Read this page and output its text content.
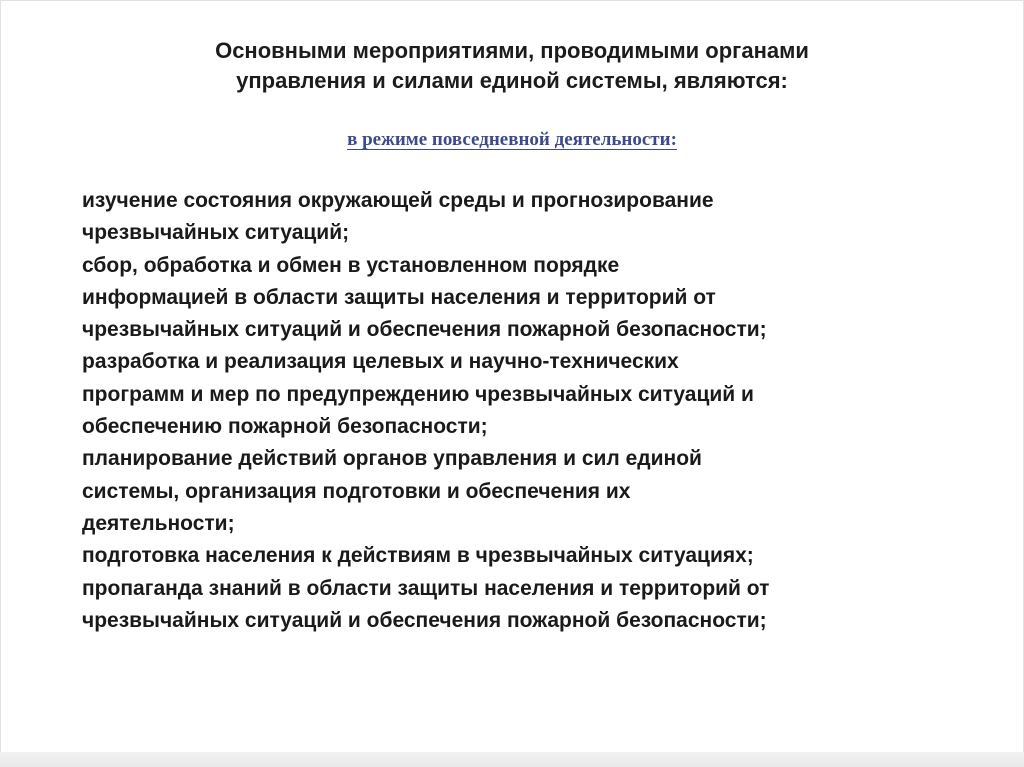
Основными мероприятиями, проводимыми органами
управления и силами единой системы, являются:

в режиме повседневной деятельности:

изучение состояния окружающей среды и прогнозирование
чрезвычайных ситуаций;
сбор, обработка и обмен в установленном порядке
информацией в области защиты населения и территорий от
чрезвычайных ситуаций и обеспечения пожарной безопасности;
разработка и реализация целевых и научно-технических
программ и мер по предупреждению чрезвычайных ситуаций и
обеспечению пожарной безопасности;
планирование действий органов управления и сил единой
системы, организация подготовки и обеспечения их
деятельности;
подготовка населения к действиям в чрезвычайных ситуациях;
пропаганда знаний в области защиты населения и территорий от
чрезвычайных ситуаций и обеспечения пожарной безопасности;
